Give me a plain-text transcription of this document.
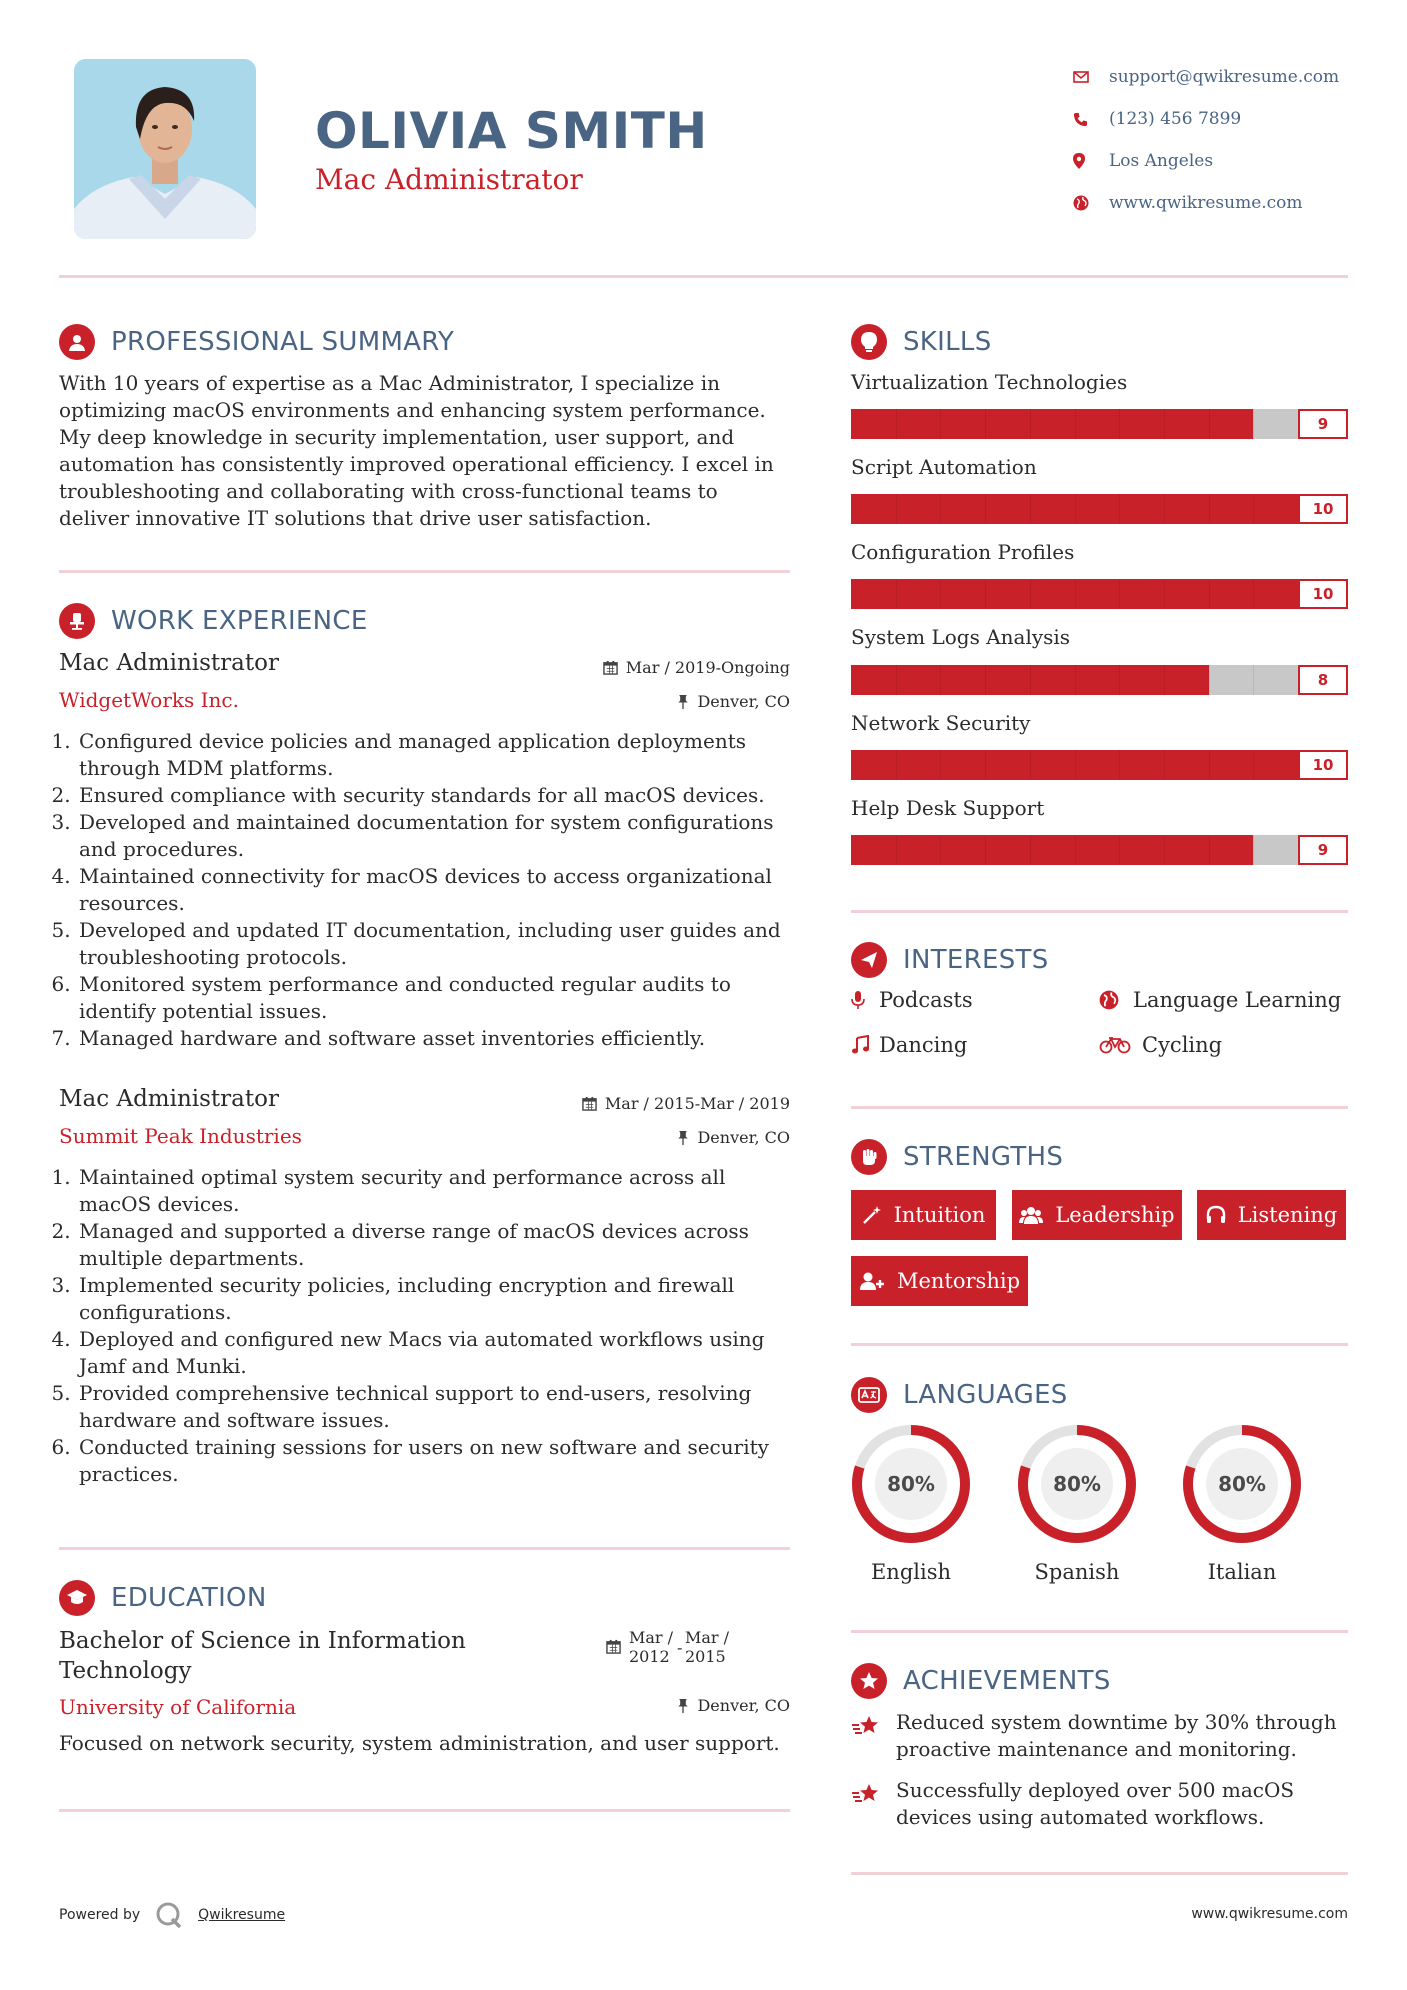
OLIVIA SMITH
Mac Administrator
support@qwikresume.com
(123) 456 7899
Los Angeles
www.qwikresume.com
PROFESSIONAL SUMMARY
With 10 years of expertise as a Mac Administrator, I specialize in optimizing macOS environments and enhancing system performance. My deep knowledge in security implementation, user support, and automation has consistently improved operational efficiency. I excel in troubleshooting and collaborating with cross-functional teams to deliver innovative IT solutions that drive user satisfaction.
WORK EXPERIENCE
Mac Administrator
WidgetWorks Inc.
Mar / 2019-Ongoing
Denver, CO
1. Configured device policies and managed application deployments through MDM platforms.
2. Ensured compliance with security standards for all macOS devices.
3. Developed and maintained documentation for system configurations and procedures.
4. Maintained connectivity for macOS devices to access organizational resources.
5. Developed and updated IT documentation, including user guides and troubleshooting protocols.
6. Monitored system performance and conducted regular audits to identify potential issues.
7. Managed hardware and software asset inventories efficiently.
Mac Administrator
Summit Peak Industries
Mar / 2015-Mar / 2019
Denver, CO
1. Maintained optimal system security and performance across all macOS devices.
2. Managed and supported a diverse range of macOS devices across multiple departments.
3. Implemented security policies, including encryption and firewall configurations.
4. Deployed and configured new Macs via automated workflows using Jamf and Munki.
5. Provided comprehensive technical support to end-users, resolving hardware and software issues.
6. Conducted training sessions for users on new software and security practices.
EDUCATION
Bachelor of Science in Information Technology
University of California
Mar /
2012 -
Mar /
2015
Denver, CO
Focused on network security, system administration, and user support.
SKILLS
Virtualization Technologies
9
Script Automation
10
Configuration Profiles
10
System Logs Analysis
8
Network Security
10
Help Desk Support
9
INTERESTS
Podcasts	Language Learning
Dancing	Cycling
STRENGTHS
Intuition	Leadership	Listening
Mentorship
LANGUAGES
80%
English
80%
Spanish
80%
Italian
ACHIEVEMENTS
Reduced system downtime by 30% through proactive maintenance and monitoring.
Successfully deployed over 500 macOS devices using automated workflows.
Powered by	Qwikresume	www.qwikresume.com
